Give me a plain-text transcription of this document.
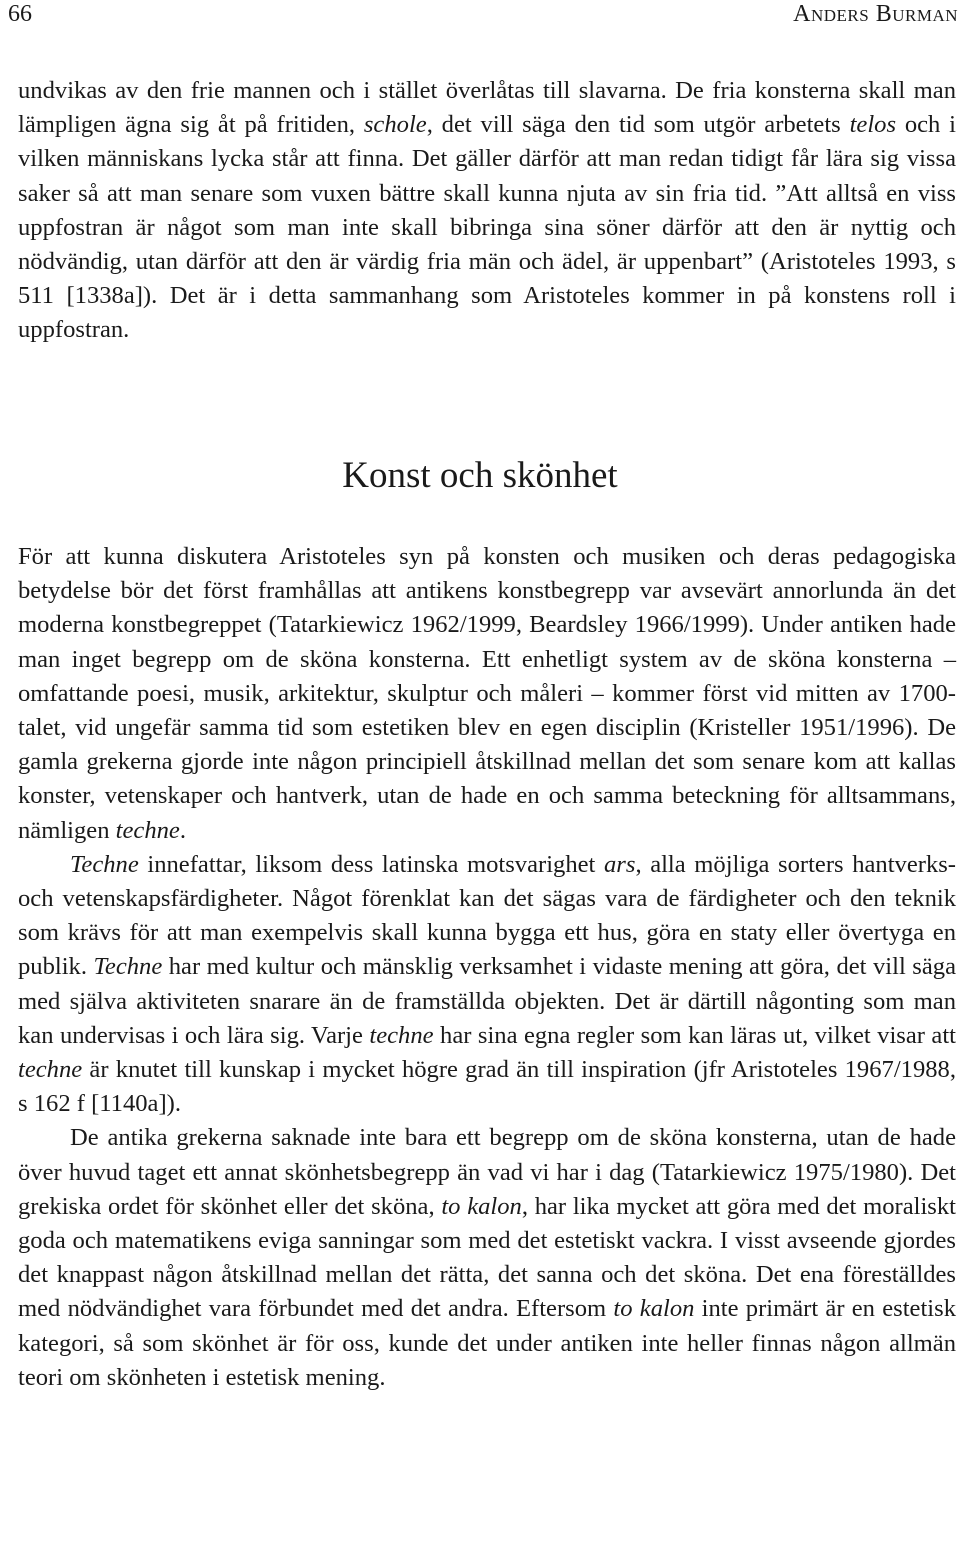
66	Anders Burman

undvikas av den frie mannen och i stället överlåtas till slavarna. De fria konsterna skall man lämpligen ägna sig åt på fritiden, schole, det vill säga den tid som utgör arbetets telos och i vilken människans lycka står att finna. Det gäller därför att man redan tidigt får lära sig vissa saker så att man senare som vuxen bättre skall kunna njuta av sin fria tid. ”Att alltså en viss uppfostran är något som man inte skall bibringa sina söner därför att den är nyttig och nödvändig, utan därför att den är värdig fria män och ädel, är uppenbart” (Aristoteles 1993, s 511 [1338a]). Det är i detta sammanhang som Aristoteles kommer in på konstens roll i uppfostran.

Konst och skönhet

För att kunna diskutera Aristoteles syn på konsten och musiken och deras pedagogiska betydelse bör det först framhållas att antikens konstbegrepp var avsevärt annorlunda än det moderna konstbegreppet (Tatarkiewicz 1962/1999, Beardsley 1966/1999). Under antiken hade man inget begrepp om de sköna konsterna. Ett enhetligt system av de sköna konsterna – omfattande poesi, musik, arkitektur, skulptur och måleri – kommer först vid mitten av 1700-talet, vid ungefär samma tid som estetiken blev en egen disciplin (Kristeller 1951/1996). De gamla grekerna gjorde inte någon principiell åtskillnad mellan det som senare kom att kallas konster, vetenskaper och hantverk, utan de hade en och samma beteckning för alltsammans, nämligen techne.

Techne innefattar, liksom dess latinska motsvarighet ars, alla möjliga sorters hantverks- och vetenskapsfärdigheter. Något förenklat kan det sägas vara de färdigheter och den teknik som krävs för att man exempelvis skall kunna bygga ett hus, göra en staty eller övertyga en publik. Techne har med kultur och mänsklig verksamhet i vidaste mening att göra, det vill säga med själva aktiviteten snarare än de framställda objekten. Det är därtill någonting som man kan undervisas i och lära sig. Varje techne har sina egna regler som kan läras ut, vilket visar att techne är knutet till kunskap i mycket högre grad än till inspiration (jfr Aristoteles 1967/1988, s 162 f [1140a]).

De antika grekerna saknade inte bara ett begrepp om de sköna konsterna, utan de hade över huvud taget ett annat skönhetsbegrepp än vad vi har i dag (Tatarkiewicz 1975/1980). Det grekiska ordet för skönhet eller det sköna, to kalon, har lika mycket att göra med det moraliskt goda och matematikens eviga sanningar som med det estetiskt vackra. I visst avseende gjordes det knappast någon åtskillnad mellan det rätta, det sanna och det sköna. Det ena föreställdes med nödvändighet vara förbundet med det andra. Eftersom to kalon inte primärt är en estetisk kategori, så som skönhet är för oss, kunde det under antiken inte heller finnas någon allmän teori om skönheten i estetisk mening.
